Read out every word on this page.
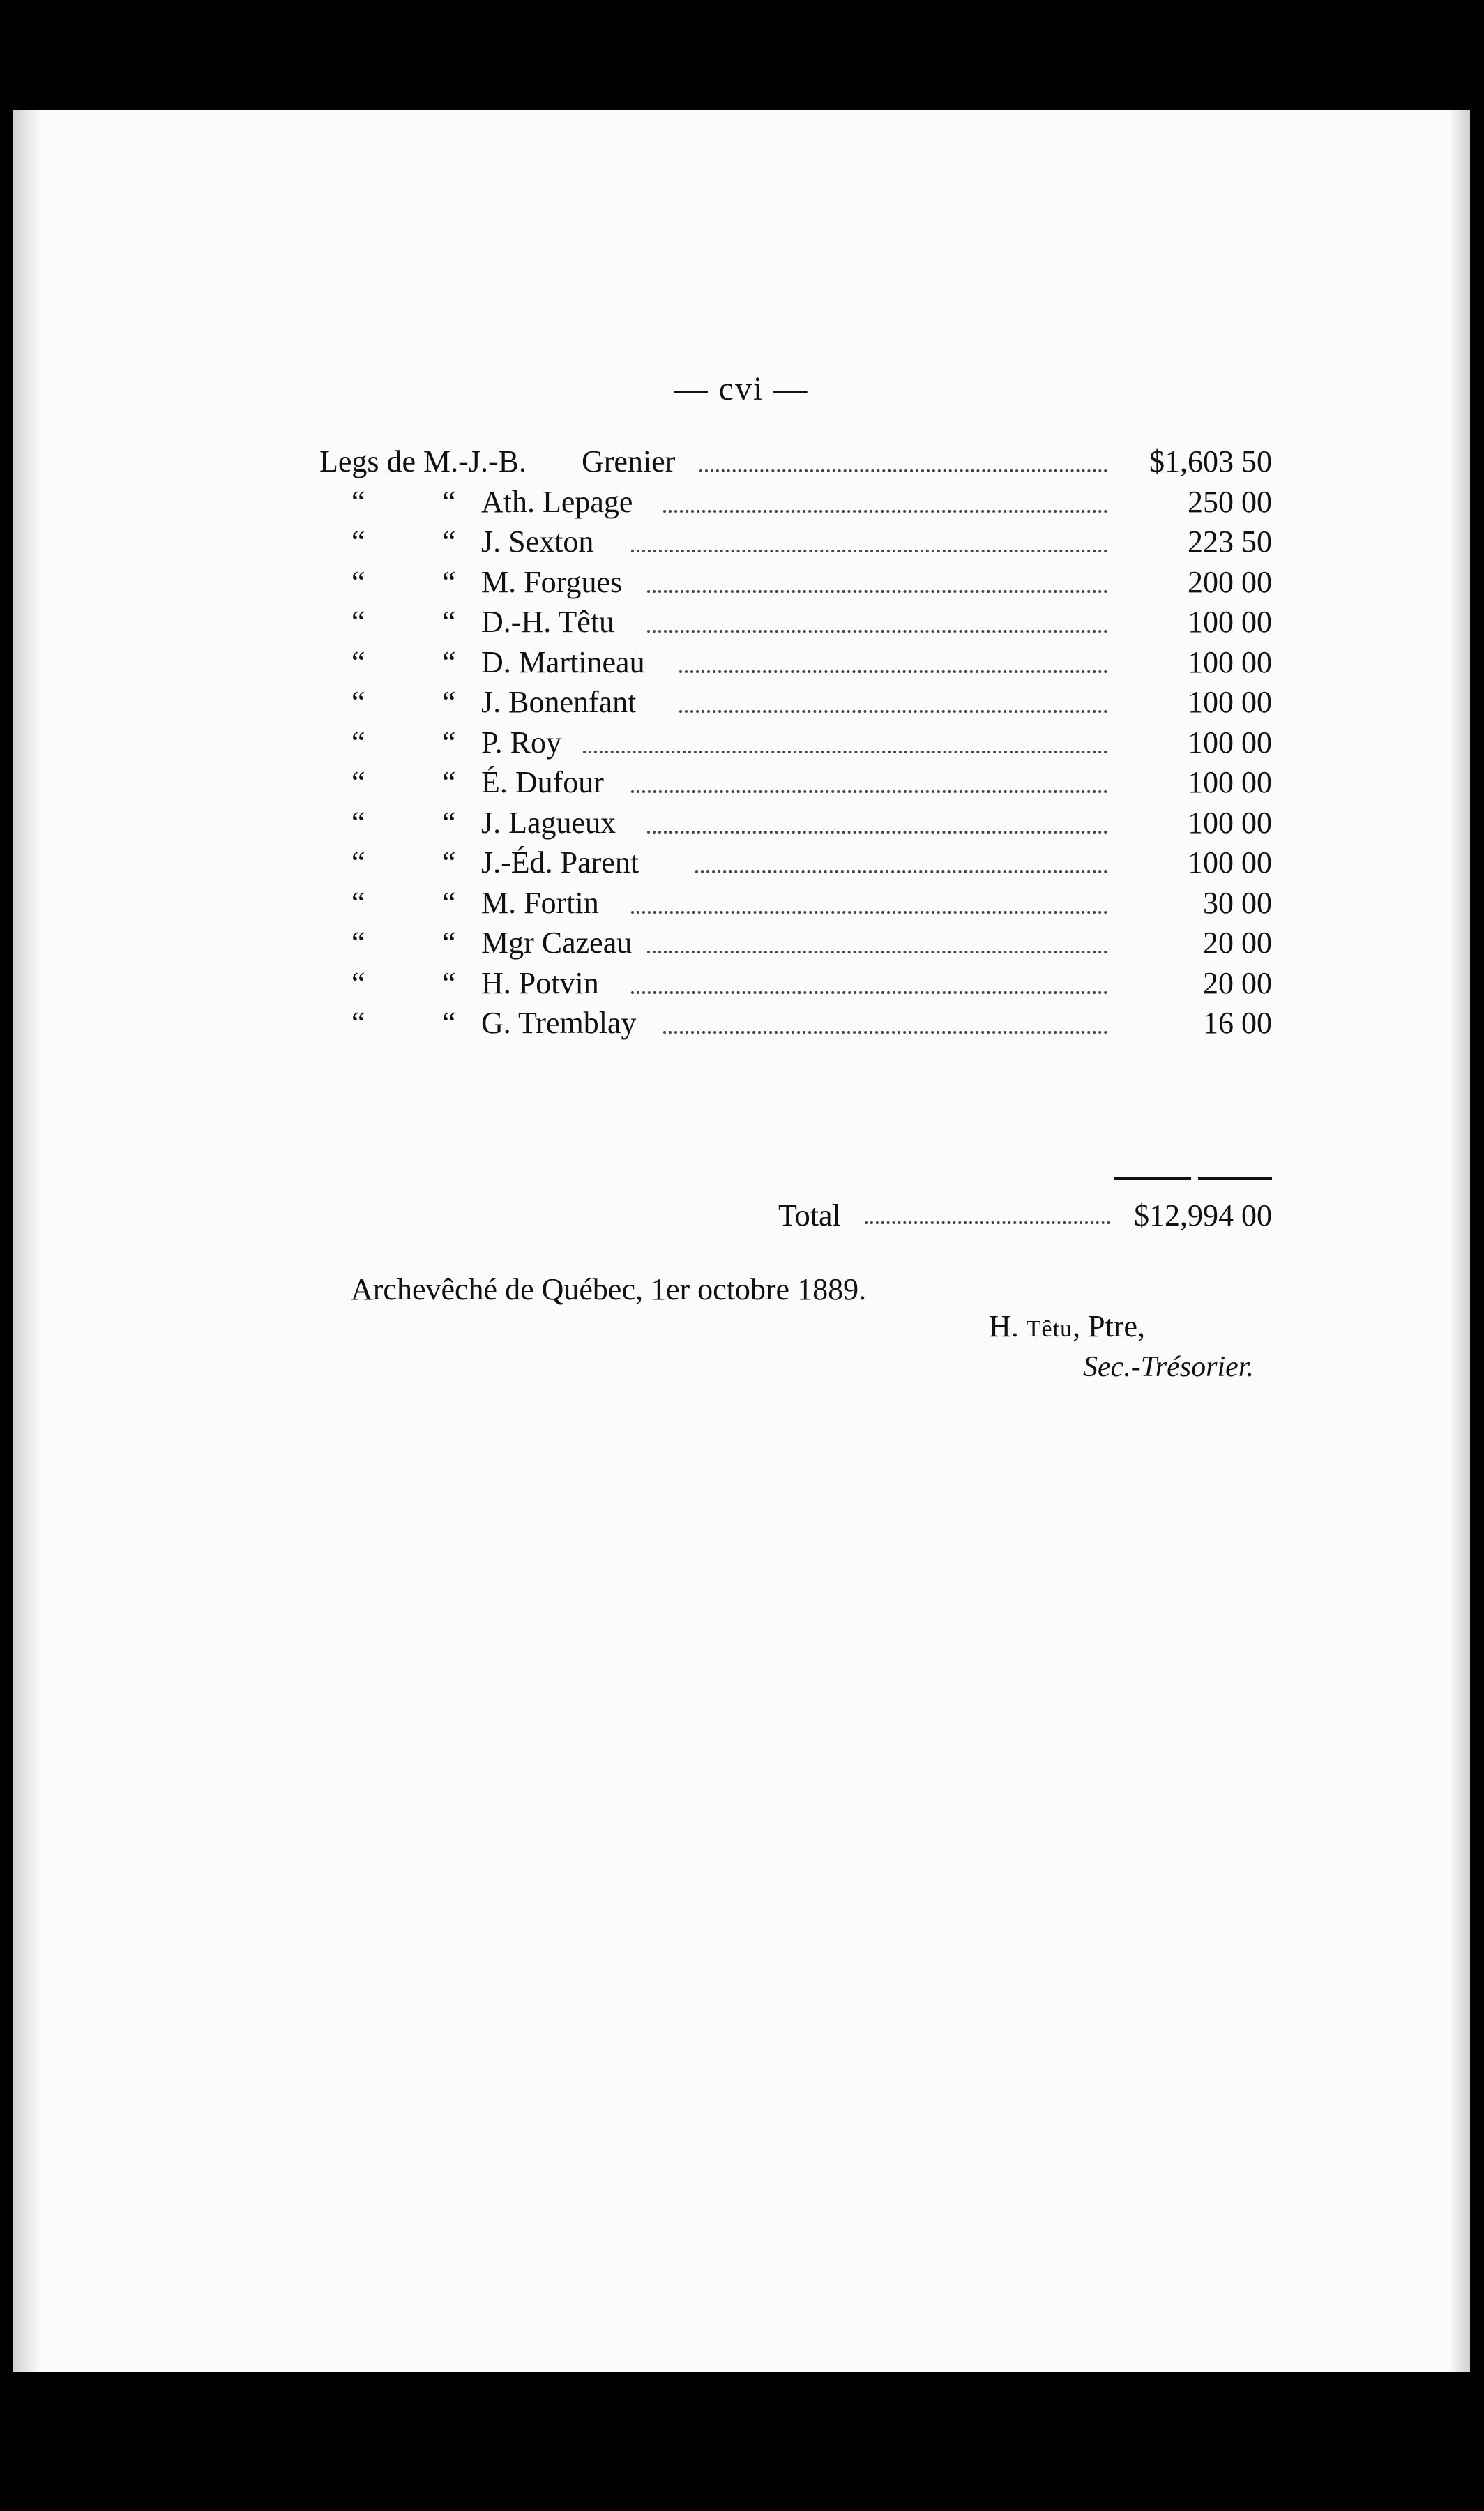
— cvi —
Legs de M.-J.-B. Grenier	$1,603 50
“	“ Ath. Lepage	250 00
“	“ J. Sexton	223 50
“	“ M. Forgues	200 00
“	“ D.-H. Têtu	100 00
“	“ D. Martineau	100 00
“	“ J. Bonenfant	100 00
“	“ P. Roy	100 00
“	“ É. Dufour	100 00
“	“ J. Lagueux	100 00
“	“ J.-Éd. Parent	100 00
“	“ M. Fortin	30 00
“	“ Mgr Cazeau	20 00
“	“ H. Potvin	20 00
“	“ G. Tremblay	16 00
Total	$12,994 00
Archevêché de Québec, 1er octobre 1889.
H. Têtu, Ptre,
Sec.-Trésorier.
